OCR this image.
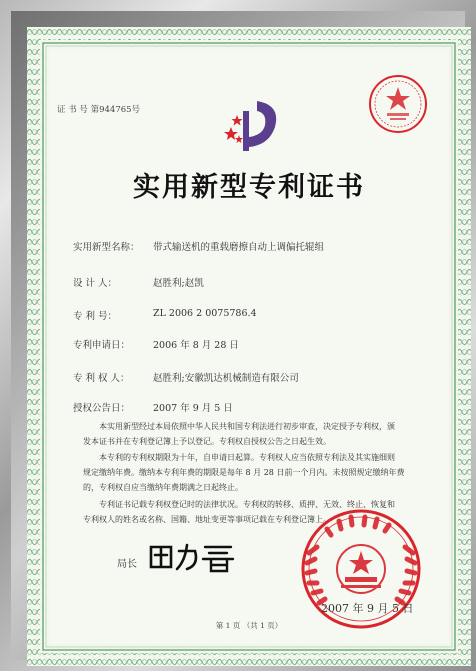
证 书 号 第944765号
实用新型专利证书
实用新型名称： 带式输送机的重载磨擦自动上调偏托辊组
设 计 人：	赵胜利;赵凯
专 利 号：	ZL 2006 2 0075786.4
专利申请日： 2006 年 8 月 28 日
专 利 权 人： 赵胜利;安徽凯达机械制造有限公司
授权公告日： 2007 年 9 月 5 日
本实用新型经过本局依照中华人民共和国专利法进行初步审查，决定授予专利权，颁
发本证书并在专利登记簿上予以登记。专利权自授权公告之日起生效。
本专利的专利权期限为十年，自申请日起算。专利权人应当依照专利法及其实施细则
规定缴纳年费。缴纳本专利年费的期限是每年 8 月 28 日前一个月内。未按照规定缴纳年费
的，专利权自应当缴纳年费期满之日起终止。
专利证书记载专利权登记时的法律状况。专利权的转移、质押、无效、终止、恢复和
专利权人的姓名或名称、国籍、地址变更等事项记载在专利登记簿上。
局长
2007 年 9 月 5 日
第 1 页 （共 1 页）
